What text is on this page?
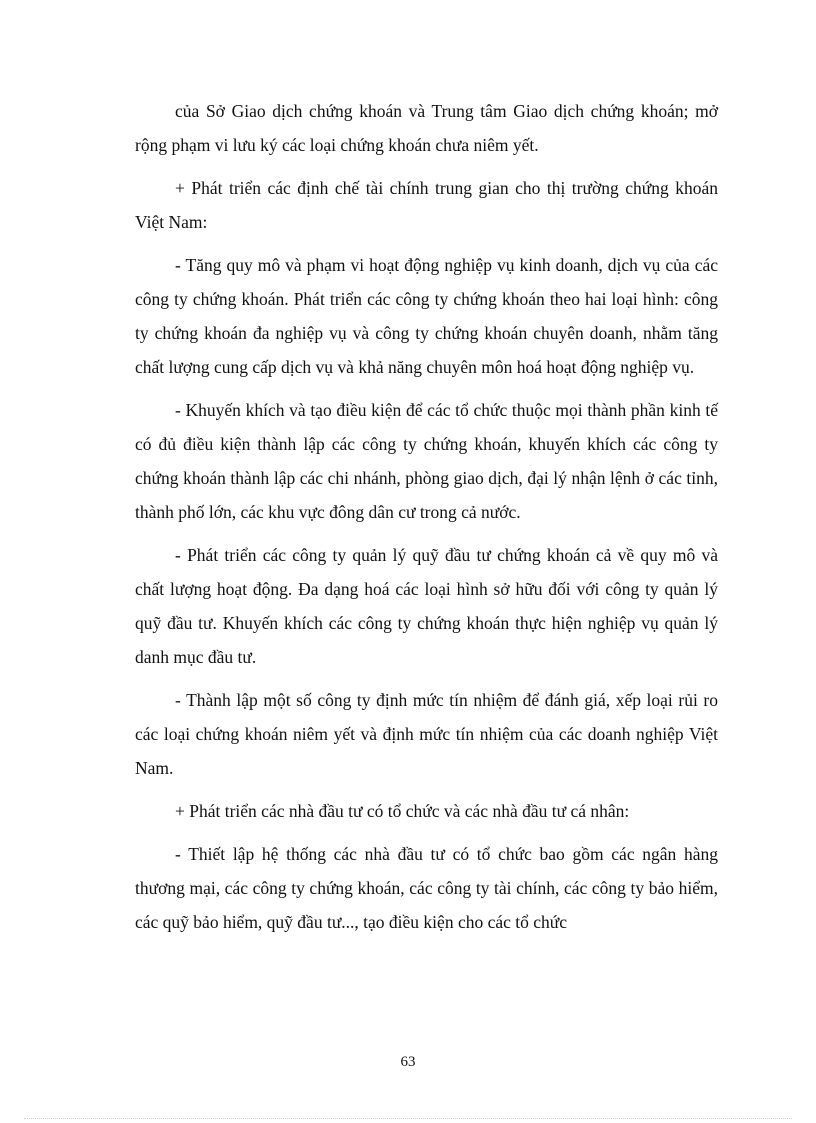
của Sở Giao dịch chứng khoán và Trung tâm Giao dịch chứng khoán; mở rộng phạm vi lưu ký các loại chứng khoán chưa niêm yết.

+ Phát triển các định chế tài chính trung gian cho thị trường chứng khoán Việt Nam:

- Tăng quy mô và phạm vi hoạt động nghiệp vụ kinh doanh, dịch vụ của các công ty chứng khoán. Phát triển các công ty chứng khoán theo hai loại hình: công ty chứng khoán đa nghiệp vụ và công ty chứng khoán chuyên doanh, nhằm tăng chất lượng cung cấp dịch vụ và khả năng chuyên môn hoá hoạt động nghiệp vụ.

- Khuyến khích và tạo điều kiện để các tổ chức thuộc mọi thành phần kinh tế có đủ điều kiện thành lập các công ty chứng khoán, khuyến khích các công ty chứng khoán thành lập các chi nhánh, phòng giao dịch, đại lý nhận lệnh ở các tỉnh, thành phố lớn, các khu vực đông dân cư trong cả nước.

- Phát triển các công ty quản lý quỹ đầu tư chứng khoán cả về quy mô và chất lượng hoạt động. Đa dạng hoá các loại hình sở hữu đối với công ty quản lý quỹ đầu tư. Khuyến khích các công ty chứng khoán thực hiện nghiệp vụ quản lý danh mục đầu tư.

- Thành lập một số công ty định mức tín nhiệm để đánh giá, xếp loại rủi ro các loại chứng khoán niêm yết và định mức tín nhiệm của các doanh nghiệp Việt Nam.

+ Phát triển các nhà đầu tư có tổ chức và các nhà đầu tư cá nhân:

- Thiết lập hệ thống các nhà đầu tư có tổ chức bao gồm các ngân hàng thương mại, các công ty chứng khoán, các công ty tài chính, các công ty bảo hiểm, các quỹ bảo hiểm, quỹ đầu tư..., tạo điều kiện cho các tổ chức

63
